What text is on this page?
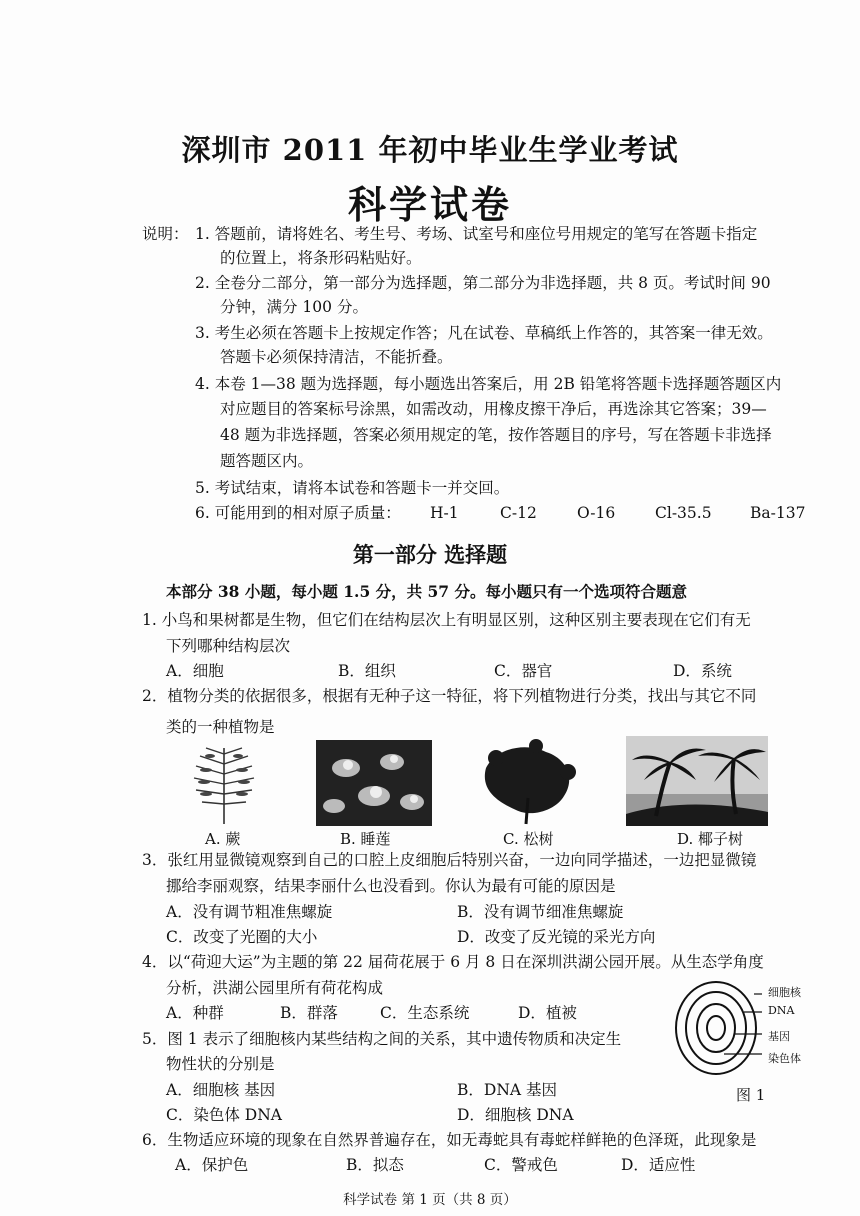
深圳市 2011 年初中毕业生学业考试
科学试卷
说明： 1. 答题前，请将姓名、考生号、考场、试室号和座位号用规定的笔写在答题卡指定
的位置上，将条形码粘贴好。
2. 全卷分二部分，第一部分为选择题，第二部分为非选择题，共 8 页。考试时间 90
分钟，满分 100 分。
3. 考生必须在答题卡上按规定作答；凡在试卷、草稿纸上作答的，其答案一律无效。
答题卡必须保持清洁，不能折叠。
4. 本卷 1—38 题为选择题，每小题选出答案后，用 2B 铅笔将答题卡选择题答题区内
对应题目的答案标号涂黑，如需改动，用橡皮擦干净后，再选涂其它答案；39—
48 题为非选择题，答案必须用规定的笔，按作答题目的序号，写在答题卡非选择
题答题区内。
5. 考试结束，请将本试卷和答题卡一并交回。
6. 可能用到的相对原子质量： H-1	C-12	O-16	Cl-35.5 Ba-137
第一部分 选择题
本部分 38 小题，每小题 1.5 分，共 57 分。每小题只有一个选项符合题意
1. 小鸟和果树都是生物，但它们在结构层次上有明显区别，这种区别主要表现在它们有无
下列哪种结构层次
A．细胞	B．组织	C．器官	D．系统
2．植物分类的依据很多，根据有无种子这一特征，将下列植物进行分类，找出与其它不同
类的一种植物是
A. 蕨	B. 睡莲	C. 松树	D. 椰子树
3．张红用显微镜观察到自己的口腔上皮细胞后特别兴奋，一边向同学描述，一边把显微镜
挪给李丽观察，结果李丽什么也没看到。你认为最有可能的原因是
A．没有调节粗准焦螺旋	B．没有调节细准焦螺旋
C．改变了光圈的大小	D．改变了反光镜的采光方向
4．以“荷迎大运”为主题的第 22 届荷花展于 6 月 8 日在深圳洪湖公园开展。从生态学角度
分析，洪湖公园里所有荷花构成
A．种群	B．群落	C．生态系统	D．植被
5．图 1 表示了细胞核内某些结构之间的关系，其中遗传物质和决定生
物性状的分别是
A．细胞核 基因	B．DNA 基因
C．染色体 DNA	D．细胞核 DNA
细胞核
DNA
基因
染色体
图 1
6．生物适应环境的现象在自然界普遍存在，如无毒蛇具有毒蛇样鲜艳的色泽斑，此现象是
A．保护色	B．拟态	C．警戒色	D．适应性
科学试卷 第 1 页（共 8 页）
